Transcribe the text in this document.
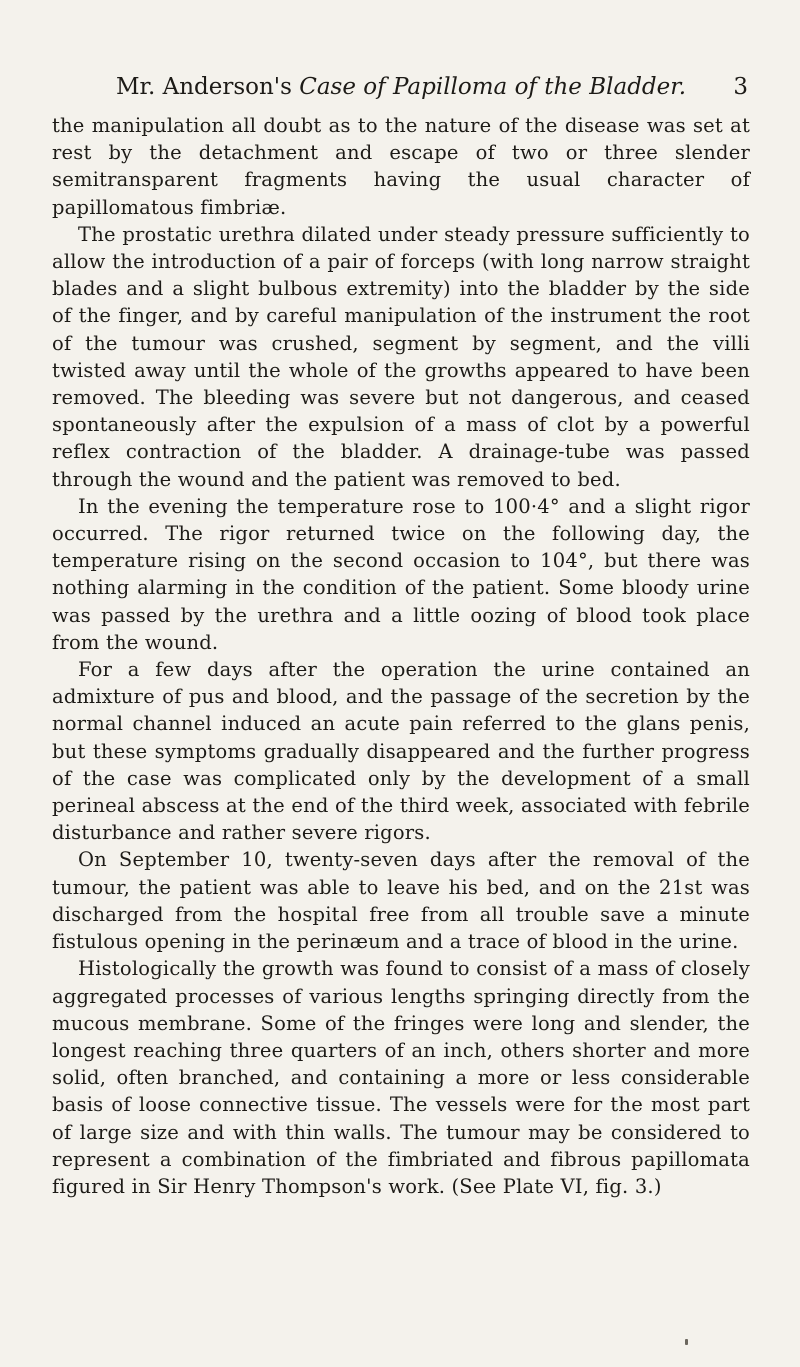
Mr. Anderson's Case of Papilloma of the Bladder. 3

the manipulation all doubt as to the nature of the disease was set at rest by the detachment and escape of two or three slender semitransparent fragments having the usual character of papillomatous fimbriæ.

The prostatic urethra dilated under steady pressure sufficiently to allow the introduction of a pair of forceps (with long narrow straight blades and a slight bulbous extremity) into the bladder by the side of the finger, and by careful manipulation of the instrument the root of the tumour was crushed, segment by segment, and the villi twisted away until the whole of the growths appeared to have been removed. The bleeding was severe but not dangerous, and ceased spontaneously after the expulsion of a mass of clot by a powerful reflex contraction of the bladder. A drainage-tube was passed through the wound and the patient was removed to bed.

In the evening the temperature rose to 100·4° and a slight rigor occurred. The rigor returned twice on the following day, the temperature rising on the second occasion to 104°, but there was nothing alarming in the condition of the patient. Some bloody urine was passed by the urethra and a little oozing of blood took place from the wound.

For a few days after the operation the urine contained an admixture of pus and blood, and the passage of the secretion by the normal channel induced an acute pain referred to the glans penis, but these symptoms gradually disappeared and the further progress of the case was complicated only by the development of a small perineal abscess at the end of the third week, associated with febrile disturbance and rather severe rigors.

On September 10, twenty-seven days after the removal of the tumour, the patient was able to leave his bed, and on the 21st was discharged from the hospital free from all trouble save a minute fistulous opening in the perinæum and a trace of blood in the urine.

Histologically the growth was found to consist of a mass of closely aggregated processes of various lengths springing directly from the mucous membrane. Some of the fringes were long and slender, the longest reaching three quarters of an inch, others shorter and more solid, often branched, and containing a more or less considerable basis of loose connective tissue. The vessels were for the most part of large size and with thin walls. The tumour may be considered to represent a combination of the fimbriated and fibrous papillomata figured in Sir Henry Thompson's work. (See Plate VI, fig. 3.)
